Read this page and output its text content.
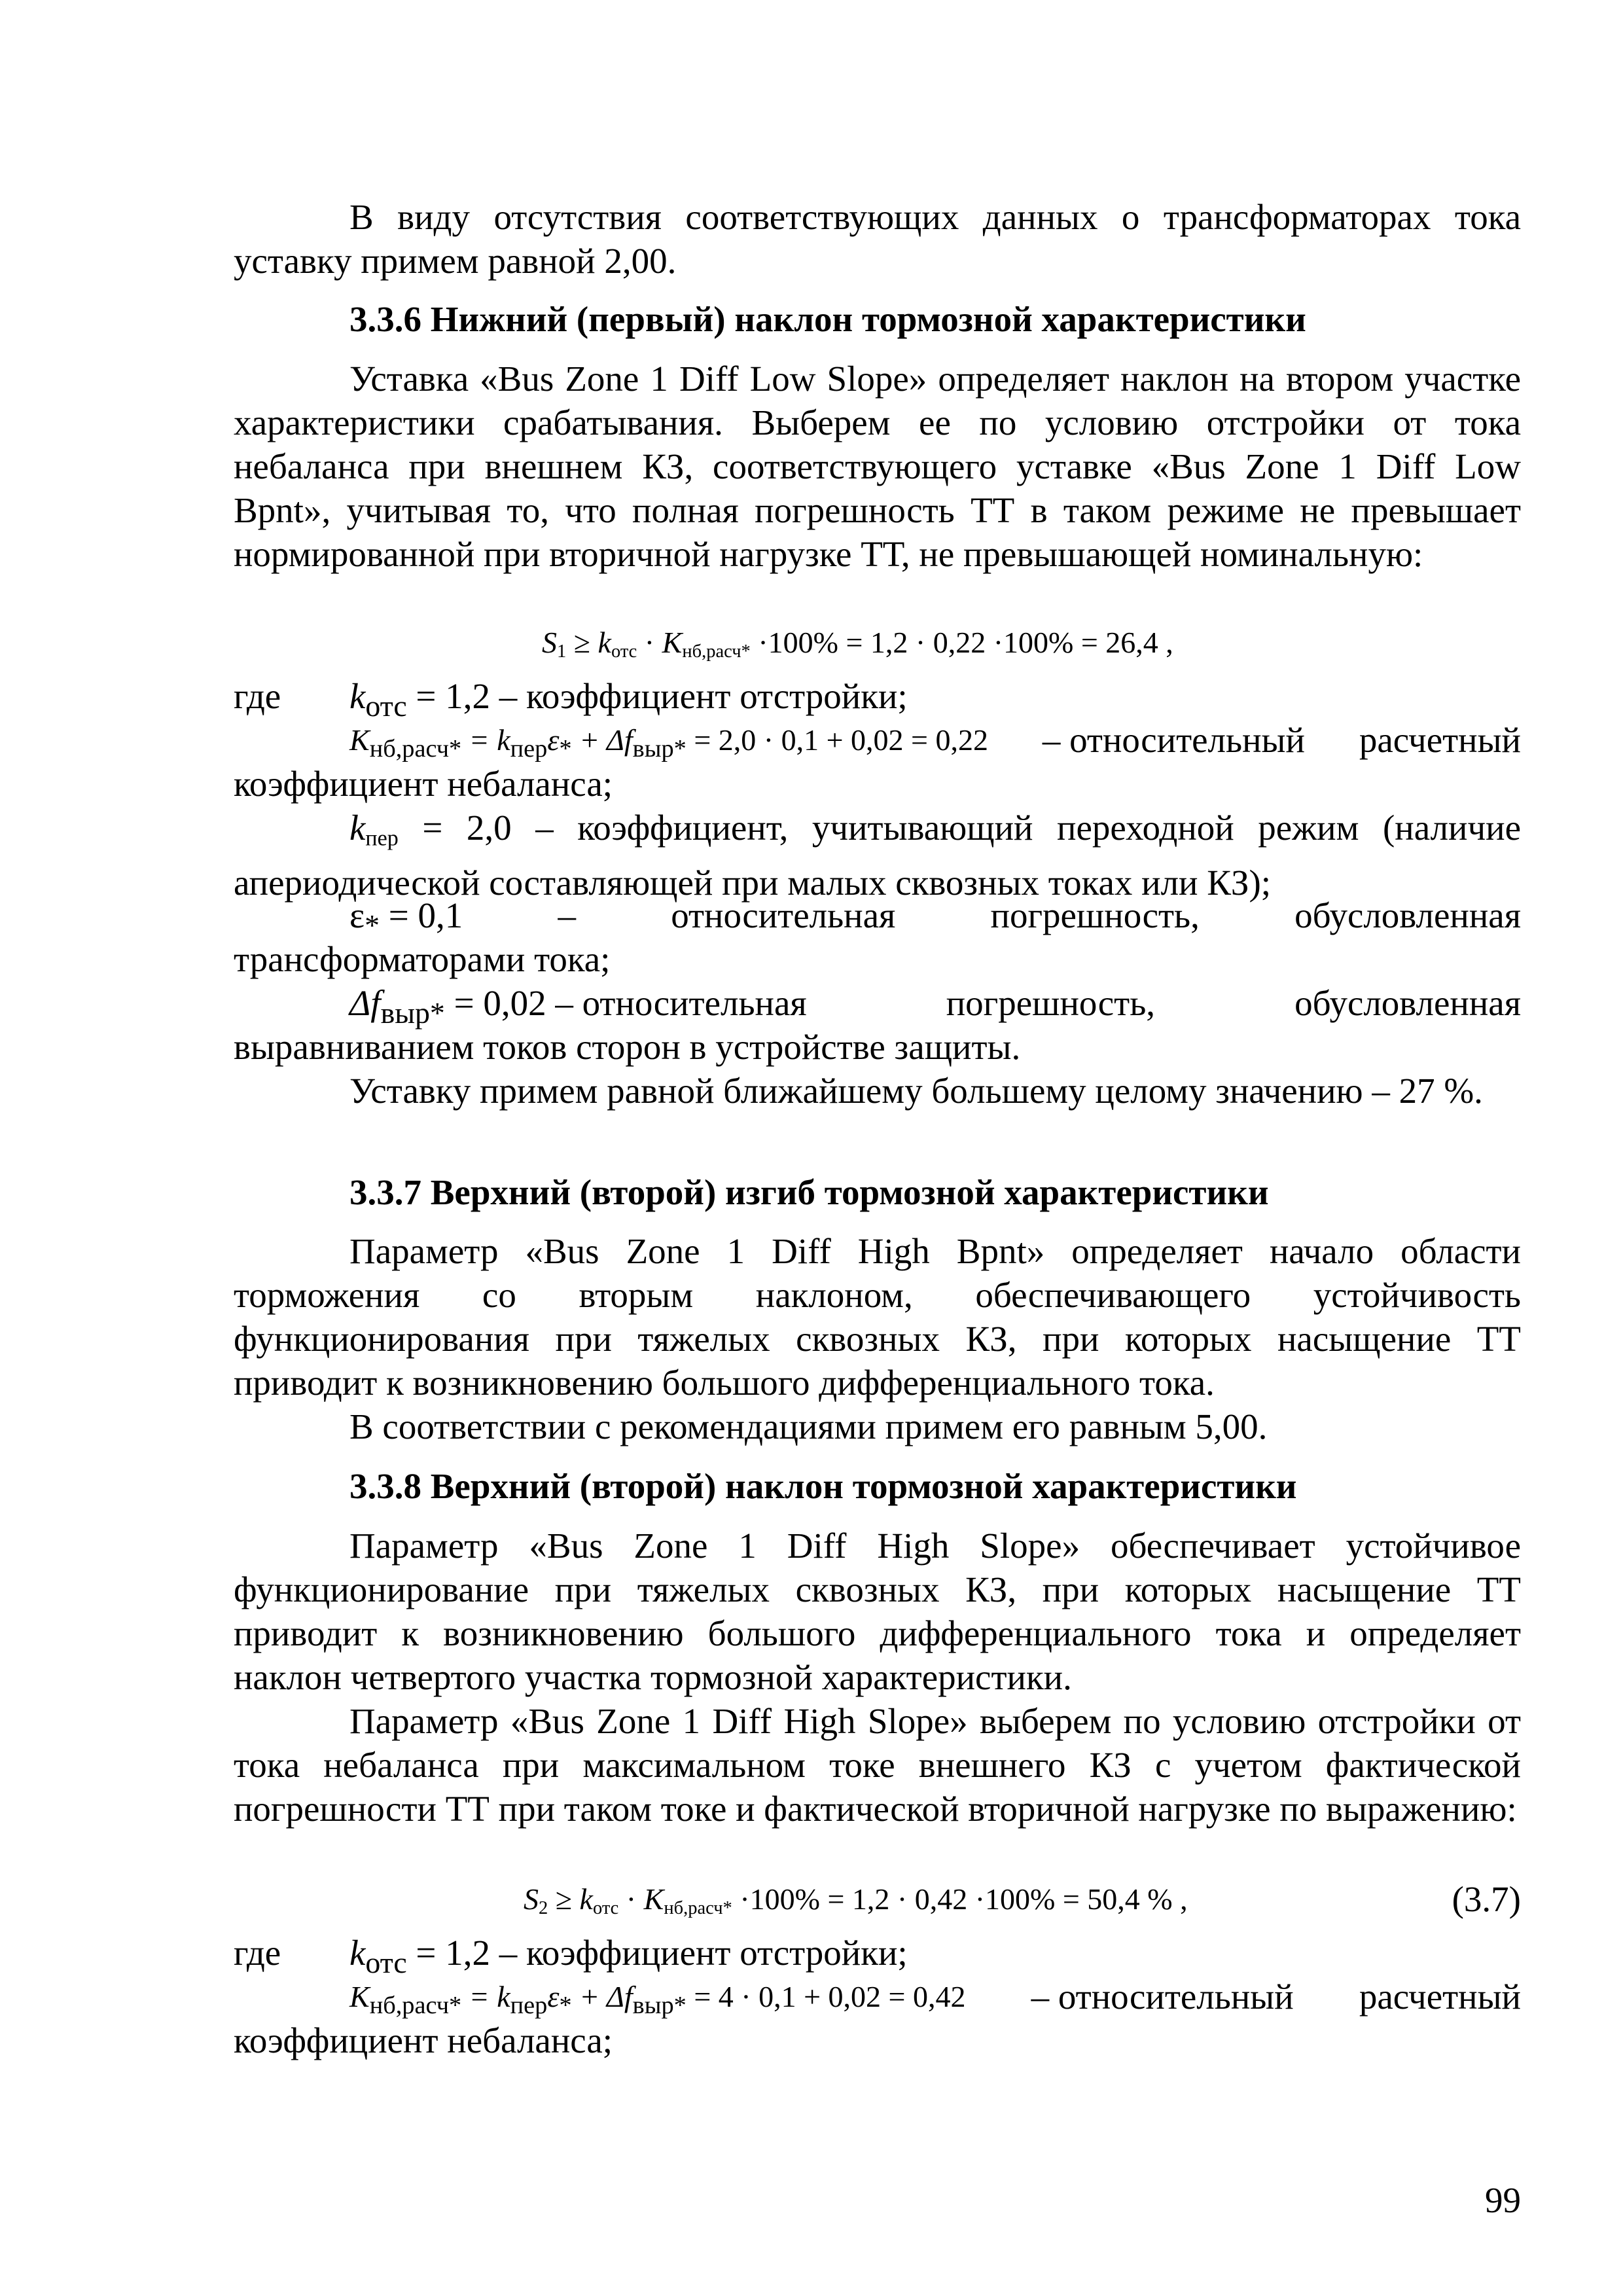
В виду отсутствия соответствующих данных о трансформаторах тока уставку примем равной 2,00.

3.3.6 Нижний (первый) наклон тормозной характеристики

Уставка «Bus Zone 1 Diff Low Slope» определяет наклон на втором участке характеристики срабатывания. Выберем ее по условию отстройки от тока небаланса при внешнем КЗ, соответствующего уставке «Bus Zone 1 Diff Low Bpnt», учитывая то, что полная погрешность ТТ в таком режиме не превышает нормированной при вторичной нагрузке ТТ, не превышающей номинальную:

$S_1 \ge k_{отс} \cdot K_{нб,расч*} \cdot 100\% = 1,2 \cdot 0,22 \cdot 100\% = 26,4$ ,
где $k_{отс} = 1,2$ – коэффициент отстройки;
$K_{нб,расч*} = k_{пер}\varepsilon_* + \Delta f_{выр*} = 2,0 \cdot 0,1 + 0,02 = 0,22$ – относительный расчетный
коэффициент небаланса;

$k_{пер} = 2,0$ – коэффициент, учитывающий переходной режим (наличие апериодической составляющей при малых сквозных токах или КЗ);

$\varepsilon_* = 0,1$	–	относительная	погрешность,	обусловленная
трансформаторами тока;
$\Delta f_{выр*} = 0,02$ – относительная	погрешность,	обусловленная
выравниванием токов сторон в устройстве защиты.

Уставку примем равной ближайшему большему целому значению – 27 %.

3.3.7 Верхний (второй) изгиб тормозной характеристики

Параметр «Bus Zone 1 Diff High Bpnt» определяет начало области торможения со вторым наклоном, обеспечивающего устойчивость функционирования при тяжелых сквозных КЗ, при которых насыщение ТТ приводит к возникновению большого дифференциального тока.

В соответствии с рекомендациями примем его равным 5,00.

3.3.8 Верхний (второй) наклон тормозной характеристики

Параметр «Bus Zone 1 Diff High Slope» обеспечивает устойчивое функционирование при тяжелых сквозных КЗ, при которых насыщение ТТ приводит к возникновению большого дифференциального тока и определяет наклон четвертого участка тормозной характеристики.

Параметр «Bus Zone 1 Diff High Slope» выберем по условию отстройки от тока небаланса при максимальном токе внешнего КЗ с учетом фактической погрешности ТТ при таком токе и фактической вторичной нагрузке по выражению:

$S_2 \ge k_{отс} \cdot K_{нб,расч*} \cdot 100\% = 1,2 \cdot 0,42 \cdot 100\% = 50,4$ % ,	(3.7)
где $k_{отс} = 1,2$ – коэффициент отстройки;
$K_{нб,расч*} = k_{пер}\varepsilon_* + \Delta f_{выр*} = 4 \cdot 0,1 + 0,02 = 0,42$ – относительный расчетный
коэффициент небаланса;
99
